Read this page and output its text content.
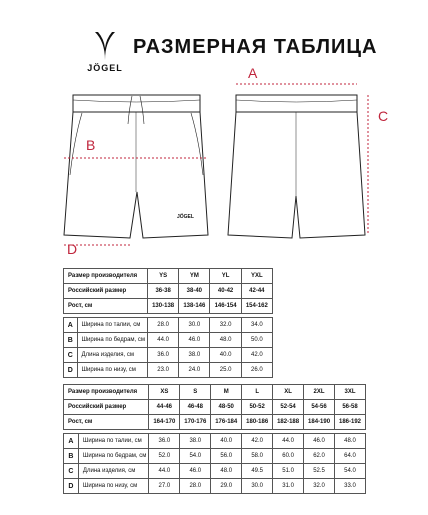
JÖGEL
РАЗМЕРНАЯ ТАБЛИЦА
JÖGEL
A
B
C
D
Размер производителя		YS	YM	YL	YXL
Российский размер		36-38	38-40	40-42	42-44
Рост, см		130-138	138-146	146-154	154-162

A	Ширина по талии, см	28.0	30.0	32.0	34.0
B	Ширина по бедрам, см	44.0	46.0	48.0	50.0
C	Длина изделия, см	36.0	38.0	40.0	42.0
D	Ширина по низу, см	23.0	24.0	25.0	26.0
Размер производителя		XS	S	M	L	XL	2XL	3XL
Российский размер		44-46	46-48	48-50	50-52	52-54	54-56	56-58
Рост, см		164-170	170-176	176-184	180-186	182-188	184-190	186-192

A	Ширина по талии, см	36.0	38.0	40.0	42.0	44.0	46.0	48.0
B	Ширина по бедрам, см	52.0	54.0	56.0	58.0	60.0	62.0	64.0
C	Длина изделия, см	44.0	46.0	48.0	49.5	51.0	52.5	54.0
D	Ширина по низу, см	27.0	28.0	29.0	30.0	31.0	32.0	33.0
